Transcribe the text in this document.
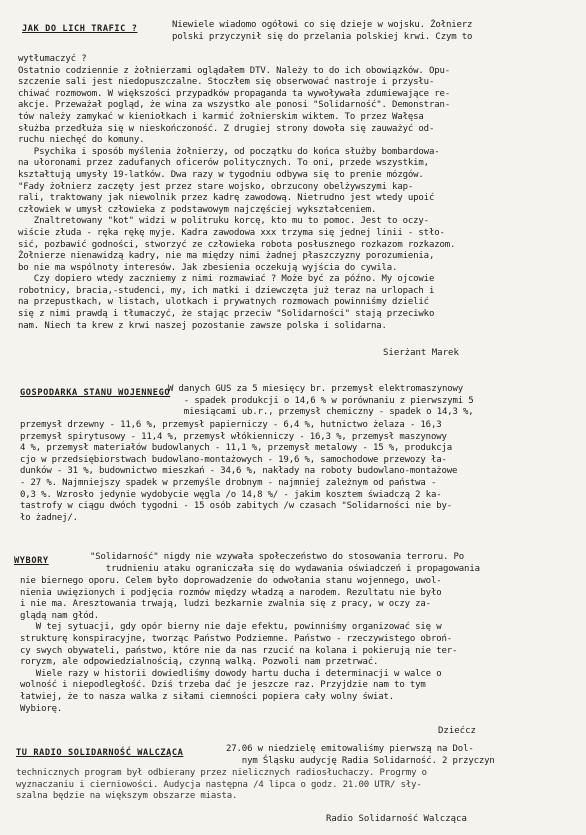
JAK DO LICH TRAFIC ?	Niewiele wiadomo ogółowi co się dzieje w wojsku. Żołnierz
polski przyczynił się do przelania polskiej krwi. Czym to
wytłumaczyć ?
Ostatnio codziennie z żołnierzami oglądałem DTV. Należy to do ich obowiązków. Opu-
szczenie sali jest niedopuszczalne. Stoczłem się obserwować nastroje i przysłu-
chiwać rozmowom. W większości przypadków propaganda ta wywoływała zdumiewające re-
akcje. Przeważał pogląd, że wina za wszystko ale ponosi "Solidarność". Demonstran-
tów należy zamykać w kieniołkach i karmić żołnierskim wiktem. To przez Wałęsa
służba przedłuża się w nieskończoność. Z drugiej strony dowoła się zauważyć od-
ruchu niechęć do komuny.
Psychika i sposób myślenia żołnierzy, od początku do końca służby bombardowa-
na ułoronami przez zadufanych oficerów politycznych. To oni, przede wszystkim,
kształtują umysły 19-latków. Dwa razy w tygodniu odbywa się to prenie mózgów.
"Fady żołnierz zaczęty jest przez stare wojsko, obrzucony obelżywszymi kap-
rali, traktowany jak niewolnik przez kadrę zawodową. Nietrudno jest wtedy upoić
człowiek w umysł człowieka z podstawowym najczęściej wykształceniem.
Znaltretowany "kot" widzi w politruku korcę, kto mu to pomoc. Jest to oczy-
wiście złuda - ręka rękę myje. Kadra zawodowa xxx trzyma się jednej linii - stło-
sić, pozbawić godności, stworzyć ze człowieka robota posłusznego rozkazom rozkazom.
Żołnierze nienawidzą kadry, nie ma między nimi żadnej płaszczyzny porozumienia,
bo nie ma wspólnoty interesów. Jak zbesienia oczekują wyjścia do cywila.
Czy dopiero wtedy zaczniemy z nimi rozmawiać ? Może być za późno. My ojcowie
robotnicy, bracia,-studenci, my, ich matki i dziewczęta już teraz na urlopach i
na przepustkach, w listach, ulotkach i prywatnych rozmowach powinniśmy dzielić
się z nimi prawdą i tłumaczyć, że stając przeciw "Solidarności" stają przeciwko
nam. Niech ta krew z krwi naszej pozostanie zawsze polska i solidarna.
Sierżant Marek
GOSPODARKA STANU WOJENNEGO
W danych GUS za 5 miesięcy br. przemysł elektromaszynowy
- spadek produkcji o 14,6 % w porównaniu z pierwszymi 5
miesiącami ub.r., przemysł chemiczny - spadek o 14,3 %,
przemysł drzewny - 11,6 %, przemysł papierniczy - 6,4 %, hutnictwo żelaza - 16,3
przemysł spirytusowy - 11,4 %, przemysł włókienniczy - 16,3 %, przemysł maszynowy
4 %, przemysł materiałów budowlanych - 11,1 %, przemysł metalowy - 15 %, produkcja
cjo w przedsiębiorstwach budowlano-montażowych - 19,6 %, samochodowe przewozy ła-
dunków - 31 %, budownictwo mieszkań - 34,6 %, nakłady na roboty budowlano-montażowe
- 27 %. Najmniejszy spadek w przemyśle drobnym - najmniej zależnym od państwa -
0,3 %. Wzrosło jedynie wydobycie węgla /o 14,8 %/ - jakim kosztem świadczą 2 ka-
tastrofy w ciągu dwóch tygodni - 15 osób zabitych /w czasach "Solidarności nie by-
ło żadnej/.
WYBORY	"Solidarność" nigdy nie wzywała społeczeństwo do stosowania terroru. Po
trudnieniu ataku ograniczała się do wydawania oświadczeń i propagowania
nie biernego oporu. Celem było doprowadzenie do odwołania stanu wojennego, uwol-
nienia uwięzionych i podjęcia rozmów między władzą a narodem. Rezultatu nie było
i nie ma. Aresztowania trwają, ludzi bezkarnie zwalnia się z pracy, w oczy za-
glądą nam głód.
W tej sytuacji, gdy opór bierny nie daje efektu, powinniśmy organizować się w
strukturę konspiracyjne, tworząc Państwo Podziemne. Państwo - rzeczywistego obroń-
cy swych obywateli, państwo, które nie da nas rzucić na kolana i pokierują nie ter-
roryzm, ale odpowiedzialnością, czynną walką. Pozwoli nam przetrwać.
Wiele razy w historii dowiedliśmy dowody hartu ducha i determinacji w walce o
wolność i niepodległość. Dziś trzeba dać je jeszcze raz. Przyjdzie nam to tym
łatwiej, że to nasza walka z siłami ciemności popiera cały wolny świat.
Wybiorę.
Dziećcz
TU RADIO SOLIDARNOŚĆ WALCZĄCA	27.06 w niedzielę emitowaliśmy pierwszą na Dol-
nym Śląsku audycję Radia Solidarność. 2 przyczyn
technicznych program był odbierany przez nielicznych radiosłuchaczy. Progrmy o
wyznaczaniu i cierniowości. Audycja następna /4 lipca o godz. 21.00 UTR/ sły-
szalna będzie na większym obszarze miasta.
Radio Solidarność Walcząca
